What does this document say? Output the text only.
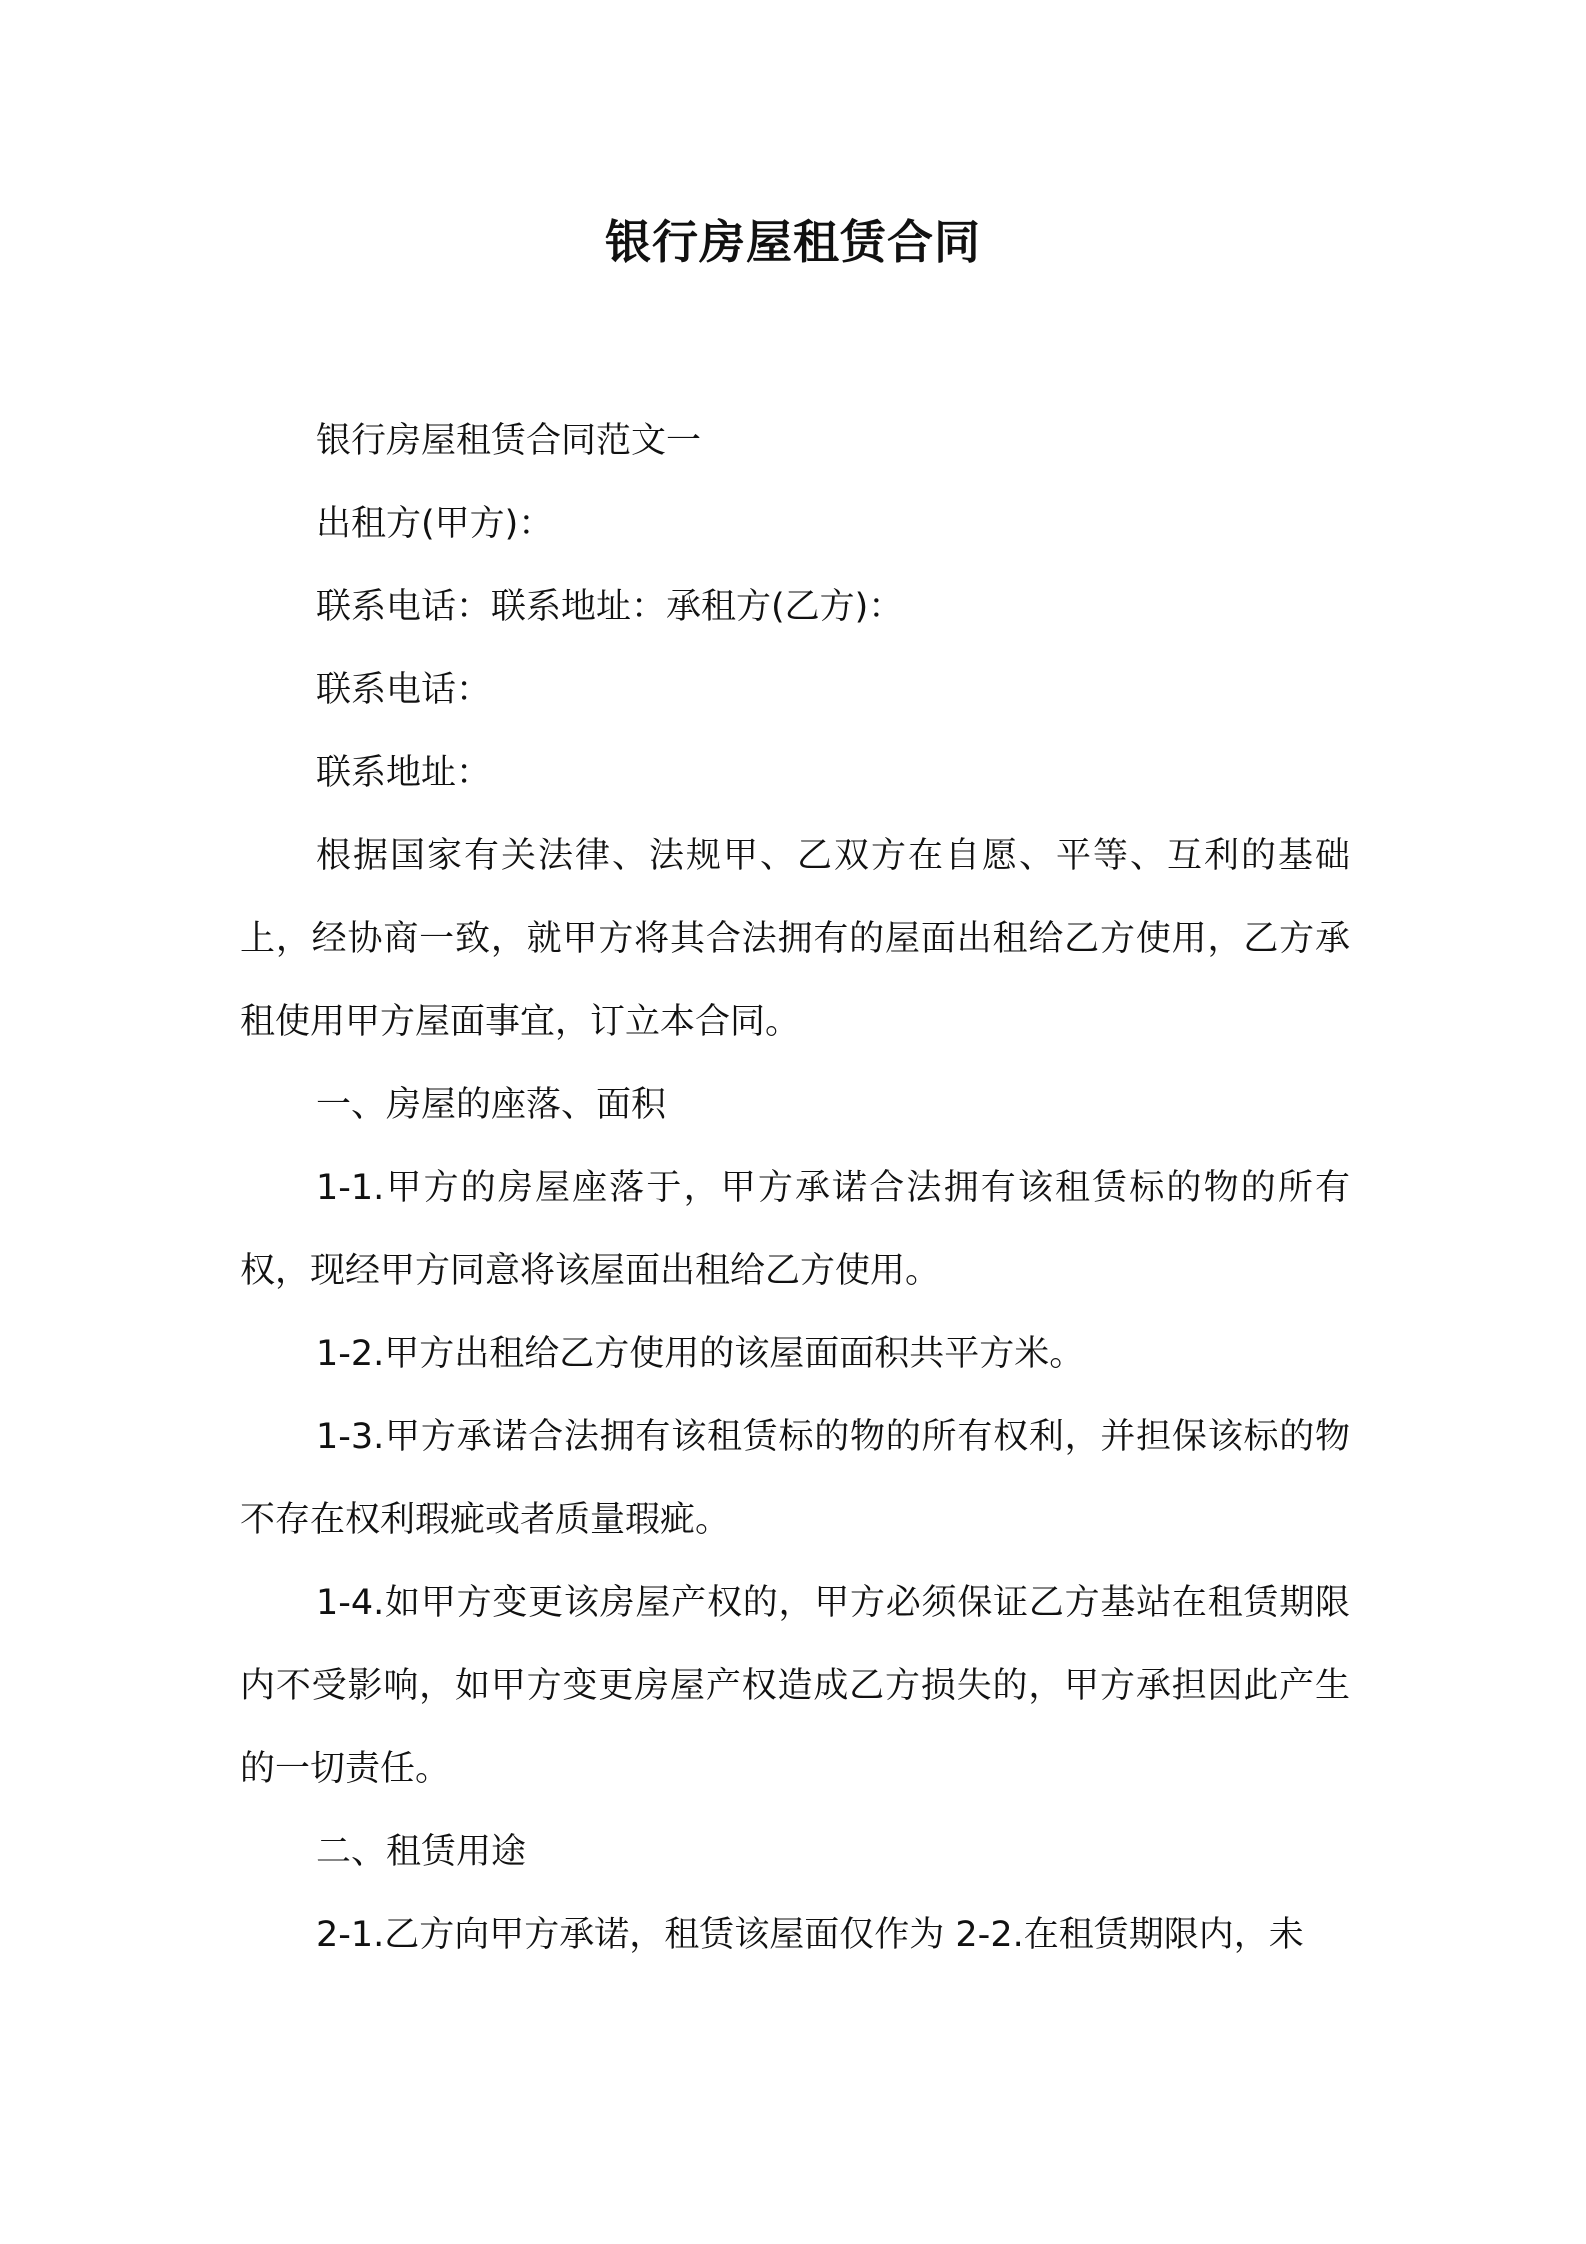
银行房屋租赁合同

银行房屋租赁合同范文一

出租方(甲方)：

联系电话：联系地址：承租方(乙方)：

联系电话：

联系地址：

根据国家有关法律、法规甲、乙双方在自愿、平等、互利的基础上，经协商一致，就甲方将其合法拥有的屋面出租给乙方使用，乙方承租使用甲方屋面事宜，订立本合同。

一、房屋的座落、面积

1-1.甲方的房屋座落于，甲方承诺合法拥有该租赁标的物的所有权，现经甲方同意将该屋面出租给乙方使用。

1-2.甲方出租给乙方使用的该屋面面积共平方米。

1-3.甲方承诺合法拥有该租赁标的物的所有权利，并担保该标的物不存在权利瑕疵或者质量瑕疵。

1-4.如甲方变更该房屋产权的，甲方必须保证乙方基站在租赁期限内不受影响，如甲方变更房屋产权造成乙方损失的，甲方承担因此产生的一切责任。

二、租赁用途

2-1.乙方向甲方承诺，租赁该屋面仅作为 2-2.在租赁期限内，未
